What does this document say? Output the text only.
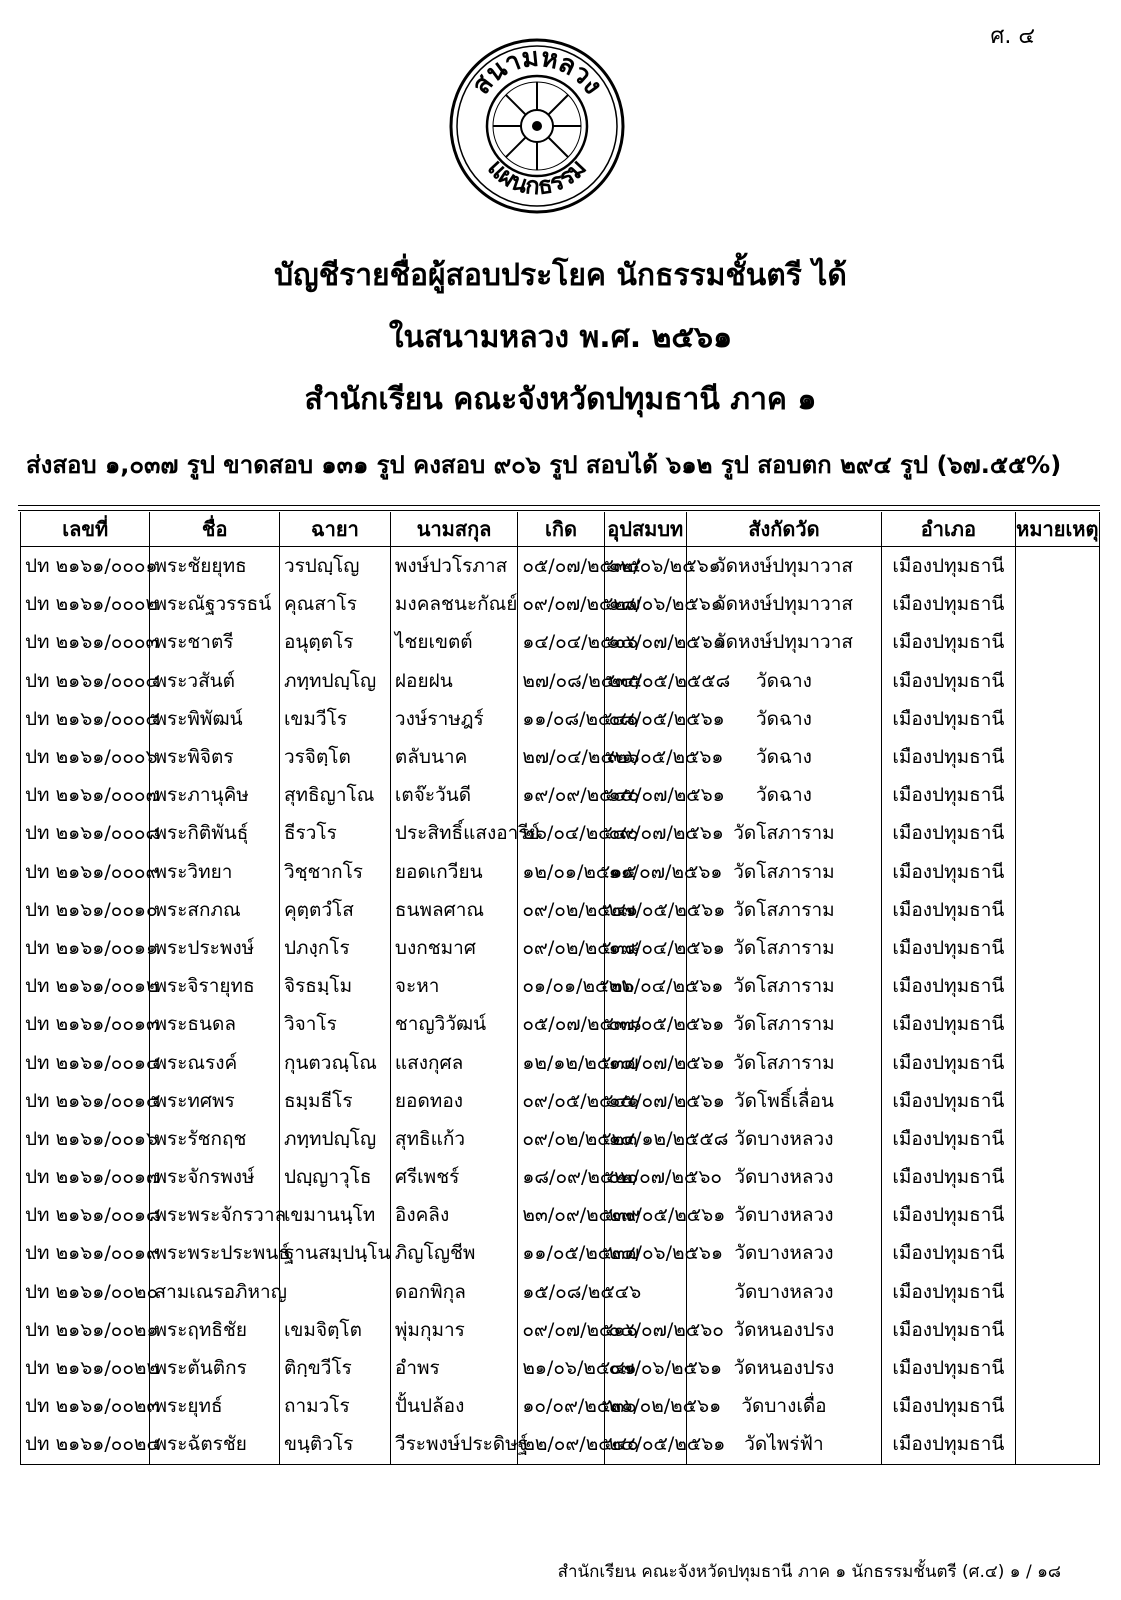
ศ. ๔
สนามหลวง
แผนกธรรม
บัญชีรายชื่อผู้สอบประโยค นักธรรมชั้นตรี ได้
ในสนามหลวง พ.ศ. ๒๕๖๑
สำนักเรียน คณะจังหวัดปทุมธานี ภาค ๑
ส่งสอบ ๑,๐๓๗ รูป ขาดสอบ ๑๓๑ รูป คงสอบ ๙๐๖ รูป สอบได้ ๖๑๒ รูป สอบตก ๒๙๔ รูป (๖๗.๕๕%)
เลขที่	ชื่อ	ฉายา	นามสกุล	เกิด	อุปสมบท	สังกัดวัด	อำเภอ	หมายเหตุ
ปท ๒๑๖๑/๐๐๐๑	พระชัยยุทธ	วรปญฺโญ	พงษ์ปวโรภาส	๐๕/๐๗/๒๕๓๕	๑๒/๐๖/๒๕๖๑	วัดหงษ์ปทุมาวาส	เมืองปทุมธานี	
ปท ๒๑๖๑/๐๐๐๒	พระณัฐวรรธน์	คุณสาโร	มงคลชนะกัณย์	๐๙/๐๗/๒๕๒๗	๑๘/๐๖/๒๕๖๑	วัดหงษ์ปทุมาวาส	เมืองปทุมธานี	
ปท ๒๑๖๑/๐๐๐๓	พระชาตรี	อนุตฺตโร	ไชยเขตต์	๑๔/๐๔/๒๕๐๖	๑๔/๐๗/๒๕๖๑	วัดหงษ์ปทุมาวาส	เมืองปทุมธานี	
ปท ๒๑๖๑/๐๐๐๔	พระวสันต์	ภทฺทปญฺโญ	ฝอยฝน	๒๗/๐๘/๒๕๓๕	๒๔/๐๕/๒๕๕๘	วัดฉาง	เมืองปทุมธานี	
ปท ๒๑๖๑/๐๐๐๕	พระพิพัฒน์	เขมวีโร	วงษ์ราษฎร์	๑๑/๐๘/๒๕๔๐	๐๘/๐๕/๒๕๖๑	วัดฉาง	เมืองปทุมธานี	
ปท ๒๑๖๑/๐๐๐๖	พระพิจิตร	วรจิตฺโต	ตลับนาค	๒๗/๐๔/๒๕๒๖	๓๑/๐๕/๒๕๖๑	วัดฉาง	เมืองปทุมธานี	
ปท ๒๑๖๑/๐๐๐๗	พระภานุคิษ	สุทธิญาโณ	เตจ๊ะวันดี	๑๙/๐๙/๒๕๔๐	๑๕/๐๗/๒๕๖๑	วัดฉาง	เมืองปทุมธานี	
ปท ๒๑๖๑/๐๐๐๘	พระกิติพันธุ์	ธีรวโร	ประสิทธิ์แสงอารีย์	๒๖/๐๔/๒๕๔๐	๐๙/๐๗/๒๕๖๑	วัดโสภาราม	เมืองปทุมธานี	
ปท ๒๑๖๑/๐๐๐๙	พระวิทยา	วิชฺชากโร	ยอดเกวียน	๑๒/๐๑/๒๕๑๕	๑๑/๐๗/๒๕๖๑	วัดโสภาราม	เมืองปทุมธานี	
ปท ๒๑๖๑/๐๐๑๐	พระสกภณ	คุตฺตวํโส	ธนพลศาณ	๐๙/๐๒/๒๕๔๑	๒๗/๐๕/๒๕๖๑	วัดโสภาราม	เมืองปทุมธานี	
ปท ๒๑๖๑/๐๐๑๑	พระประพงษ์	ปภงฺกโร	บงกชมาศ	๐๙/๐๒/๒๕๓๘	๑๗/๐๔/๒๕๖๑	วัดโสภาราม	เมืองปทุมธานี	
ปท ๒๑๖๑/๐๐๑๒	พระจิรายุทธ	จิรธมฺโม	จะหา	๐๑/๐๑/๒๕๓๖	๒๒/๐๔/๒๕๖๑	วัดโสภาราม	เมืองปทุมธานี	
ปท ๒๑๖๑/๐๐๑๓	พระธนดล	วิจาโร	ชาญวิวัฒน์	๐๕/๐๗/๒๕๓๘	๐๗/๐๕/๒๕๖๑	วัดโสภาราม	เมืองปทุมธานี	
ปท ๒๑๖๑/๐๐๑๔	พระณรงค์	กุนตวณฺโณ	แสงกุศล	๑๒/๑๒/๒๕๓๗	๑๔/๐๗/๒๕๖๑	วัดโสภาราม	เมืองปทุมธานี	
ปท ๒๑๖๑/๐๐๑๕	พระทศพร	ธมฺมธีโร	ยอดทอง	๐๙/๐๕/๒๕๔๑	๑๕/๐๗/๒๕๖๑	วัดโพธิ์เลื่อน	เมืองปทุมธานี	
ปท ๒๑๖๑/๐๐๑๖	พระรัชกฤช	ภทฺทปญฺโญ	สุทธิแก้ว	๐๙/๐๒/๒๕๒๓	๑๔/๑๒/๒๕๕๘	วัดบางหลวง	เมืองปทุมธานี	
ปท ๒๑๖๑/๐๐๑๗	พระจักรพงษ์	ปญฺญาวุโธ	ศรีเพชร์	๑๘/๐๙/๒๕๒๐	๐๒/๐๗/๒๕๖๐	วัดบางหลวง	เมืองปทุมธานี	
ปท ๒๑๖๑/๐๐๑๘	พระพระจักรวาล	เขมานนฺโท	อิงคลิง	๒๓/๐๙/๒๕๓๙	๒๗/๐๕/๒๕๖๑	วัดบางหลวง	เมืองปทุมธานี	
ปท ๒๑๖๑/๐๐๑๙	พระพระประพนธ์	ฐานสมฺปนฺโน	ภิญโญชีพ	๑๑/๐๕/๒๕๓๗	๒๔/๐๖/๒๕๖๑	วัดบางหลวง	เมืองปทุมธานี	
ปท ๒๑๖๑/๐๐๒๐	สามเณรอภิหาญ		ดอกพิกุล	๑๕/๐๘/๒๕๔๖		วัดบางหลวง	เมืองปทุมธานี	
ปท ๒๑๖๑/๐๐๒๑	พระฤทธิชัย	เขมจิตฺโต	พุ่มกุมาร	๐๙/๐๗/๒๕๑๖	๐๔/๐๗/๒๕๖๐	วัดหนองปรง	เมืองปทุมธานี	
ปท ๒๑๖๑/๐๐๒๒	พระตันติกร	ติกฺขวีโร	อำพร	๒๑/๐๖/๒๕๔๑	๐๗/๐๖/๒๕๖๑	วัดหนองปรง	เมืองปทุมธานี	
ปท ๒๑๖๑/๐๐๒๓	พระยุทธ์	ถามวโร	ปั้นปล้อง	๑๐/๐๙/๒๕๓๖	๒๑/๐๒/๒๕๖๑	วัดบางเดื่อ	เมืองปทุมธานี	
ปท ๒๑๖๑/๐๐๒๔	พระฉัตรชัย	ขนฺติวโร	วีระพงษ์ประดิษฐ์	๒๒/๐๙/๒๕๔๐	๒๔/๐๕/๒๕๖๑	วัดไพร่ฟ้า	เมืองปทุมธานี	
สำนักเรียน คณะจังหวัดปทุมธานี ภาค ๑ นักธรรมชั้นตรี (ศ.๔) ๑ / ๑๘
